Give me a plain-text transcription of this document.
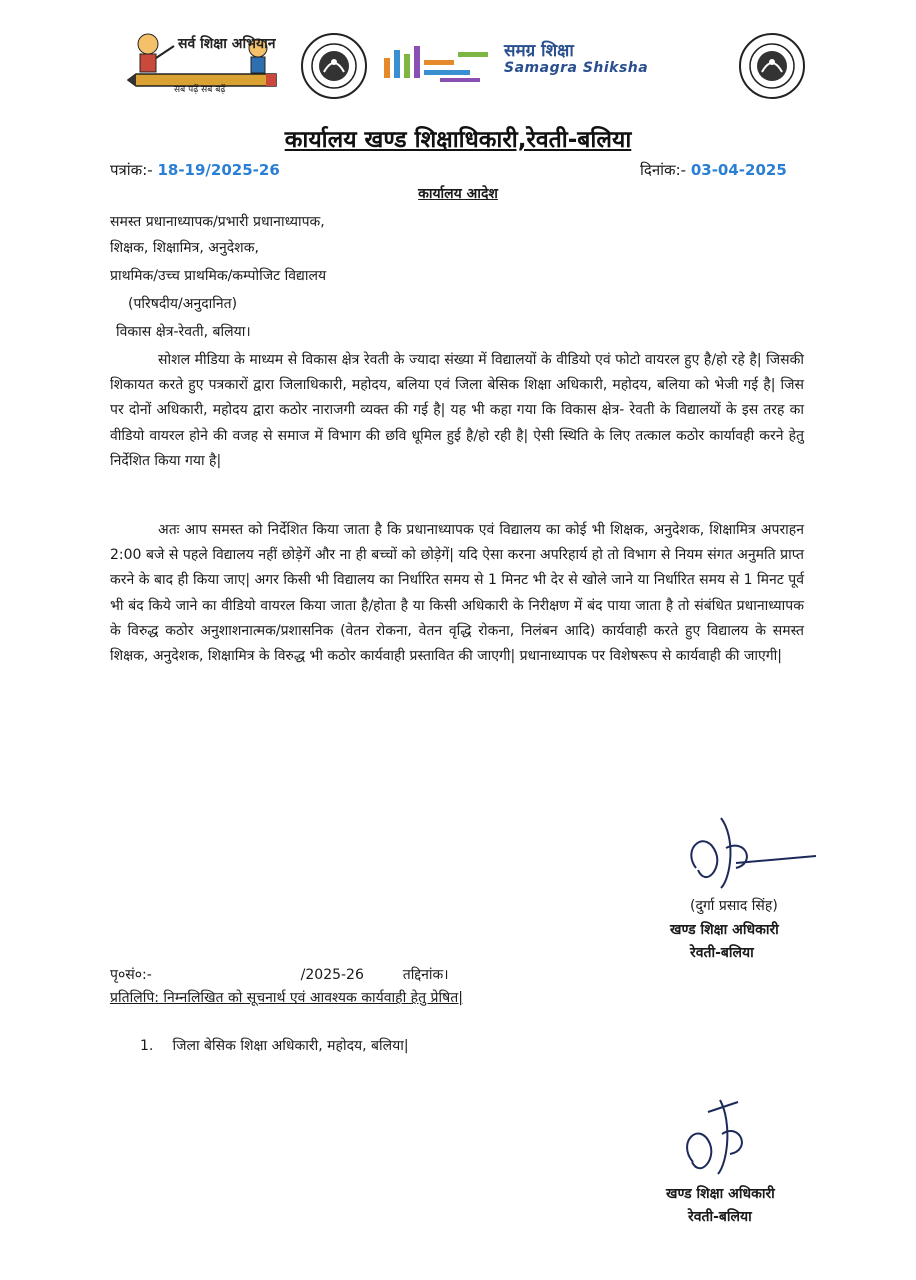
सर्व शिक्षा अभियान
सब पढ़ें सब बढ़ें
समग्र शिक्षा
Samagra Shiksha
कार्यालय खण्ड शिक्षाधिकारी,रेवती-बलिया
पत्रांक:- 18-19/2025-26	दिनांक:- 03-04-2025
कार्यालय आदेश
समस्त प्रधानाध्यापक/प्रभारी प्रधानाध्यापक,
शिक्षक, शिक्षामित्र, अनुदेशक,
प्राथमिक/उच्च प्राथमिक/कम्पोजिट विद्यालय
(परिषदीय/अनुदानित)
विकास क्षेत्र-रेवती, बलिया।
सोशल मीडिया के माध्यम से विकास क्षेत्र रेवती के ज्यादा संख्या में विद्यालयों के वीडियो एवं फोटो वायरल हुए है/हो रहे है| जिसकी शिकायत करते हुए पत्रकारों द्वारा जिलाधिकारी, महोदय, बलिया एवं जिला बेसिक शिक्षा अधिकारी, महोदय, बलिया को भेजी गई है| जिस पर दोनों अधिकारी, महोदय द्वारा कठोर नाराजगी व्यक्त की गई है| यह भी कहा गया कि विकास क्षेत्र- रेवती के विद्यालयों के इस तरह का वीडियो वायरल होने की वजह से समाज में विभाग की छवि धूमिल हुई है/हो रही है| ऐसी स्थिति के लिए तत्काल कठोर कार्यावही करने हेतु निर्देशित किया गया है|
अतः आप समस्त को निर्देशित किया जाता है कि प्रधानाध्यापक एवं विद्यालय का कोई भी शिक्षक, अनुदेशक, शिक्षामित्र अपराहन 2:00 बजे से पहले विद्यालय नहीं छोड़ेगें और ना ही बच्चों को छोड़ेगें| यदि ऐसा करना अपरिहार्य हो तो विभाग से नियम संगत अनुमति प्राप्त करने के बाद ही किया जाए| अगर किसी भी विद्यालय का निर्धारित समय से 1 मिनट भी देर से खोले जाने या निर्धारित समय से 1 मिनट पूर्व भी बंद किये जाने का वीडियो वायरल किया जाता है/होता है या किसी अधिकारी के निरीक्षण में बंद पाया जाता है तो संबंधित प्रधानाध्यापक के विरुद्ध कठोर अनुशाशनात्मक/प्रशासनिक (वेतन रोकना, वेतन वृद्धि रोकना, निलंबन आदि) कार्यवाही करते हुए विद्यालय के समस्त शिक्षक, अनुदेशक, शिक्षामित्र के विरुद्ध भी कठोर कार्यवाही प्रस्तावित की जाएगी| प्रधानाध्यापक पर विशेषरूप से कार्यवाही की जाएगी|
(दुर्गा प्रसाद सिंह)
खण्ड शिक्षा अधिकारी
रेवती-बलिया
पृ०सं०:-	/2025-26	तद्दिनांक।
प्रतिलिपि: निम्नलिखित को सूचनार्थ एवं आवश्यक कार्यवाही हेतु प्रेषित|
1. जिला बेसिक शिक्षा अधिकारी, महोदय, बलिया|
खण्ड शिक्षा अधिकारी
रेवती-बलिया
